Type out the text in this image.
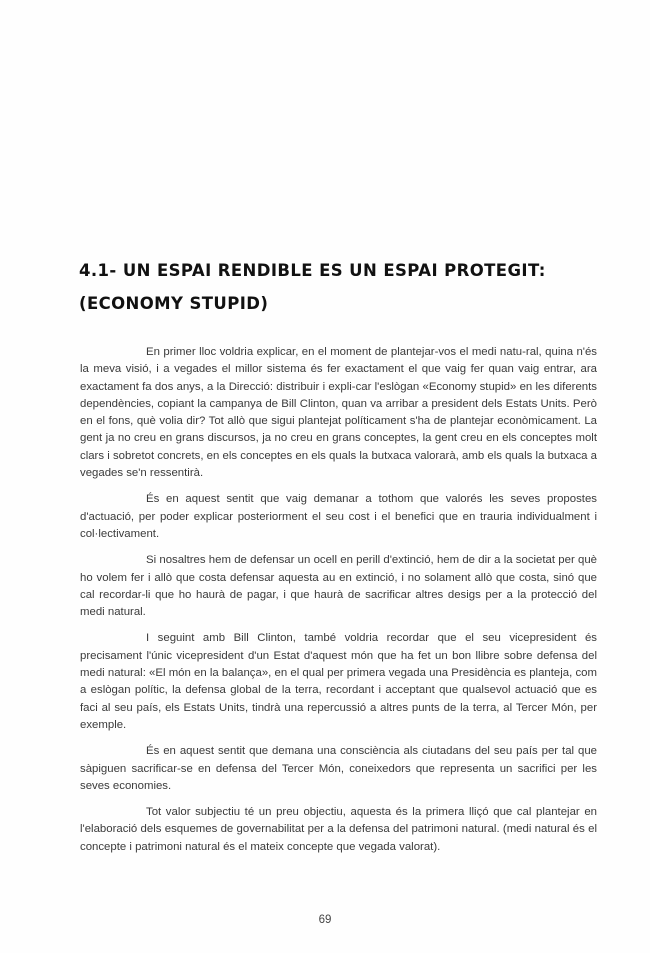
4.1- UN ESPAI RENDIBLE ES UN ESPAI PROTEGIT:
(ECONOMY STUPID)

En primer lloc voldria explicar, en el moment de plantejar-vos el medi natu-ral, quina n'és la meva visió, i a vegades el millor sistema és fer exactament el que vaig fer quan vaig entrar, ara exactament fa dos anys, a la Direcció: distribuir i expli-car l'eslògan «Economy stupid» en les diferents dependències, copiant la campanya de Bill Clinton, quan va arribar a president dels Estats Units. Però en el fons, què volia dir? Tot allò que sigui plantejat políticament s'ha de plantejar econòmicament. La gent ja no creu en grans discursos, ja no creu en grans conceptes, la gent creu en els conceptes molt clars i sobretot concrets, en els conceptes en els quals la butxaca valorarà, amb els quals la butxaca a vegades se'n ressentirà.

És en aquest sentit que vaig demanar a tothom que valorés les seves propostes d'actuació, per poder explicar posteriorment el seu cost i el benefici que en trauria individualment i col·lectivament.

Si nosaltres hem de defensar un ocell en perill d'extinció, hem de dir a la societat per què ho volem fer i allò que costa defensar aquesta au en extinció, i no solament allò que costa, sinó que cal recordar-li que ho haurà de pagar, i que haurà de sacrificar altres desigs per a la protecció del medi natural.

I seguint amb Bill Clinton, també voldria recordar que el seu vicepresident és precisament l'únic vicepresident d'un Estat d'aquest món que ha fet un bon llibre sobre defensa del medi natural: «El món en la balança», en el qual per primera vegada una Presidència es planteja, com a eslògan polític, la defensa global de la terra, recordant i acceptant que qualsevol actuació que es faci al seu país, els Estats Units, tindrà una repercussió a altres punts de la terra, al Tercer Món, per exemple.

És en aquest sentit que demana una consciència als ciutadans del seu país per tal que sàpiguen sacrificar-se en defensa del Tercer Món, coneixedors que representa un sacrifici per les seves economies.

Tot valor subjectiu té un preu objectiu, aquesta és la primera lliçó que cal plantejar en l'elaboració dels esquemes de governabilitat per a la defensa del patrimoni natural. (medi natural és el concepte i patrimoni natural és el mateix concepte que vegada valorat).

69
